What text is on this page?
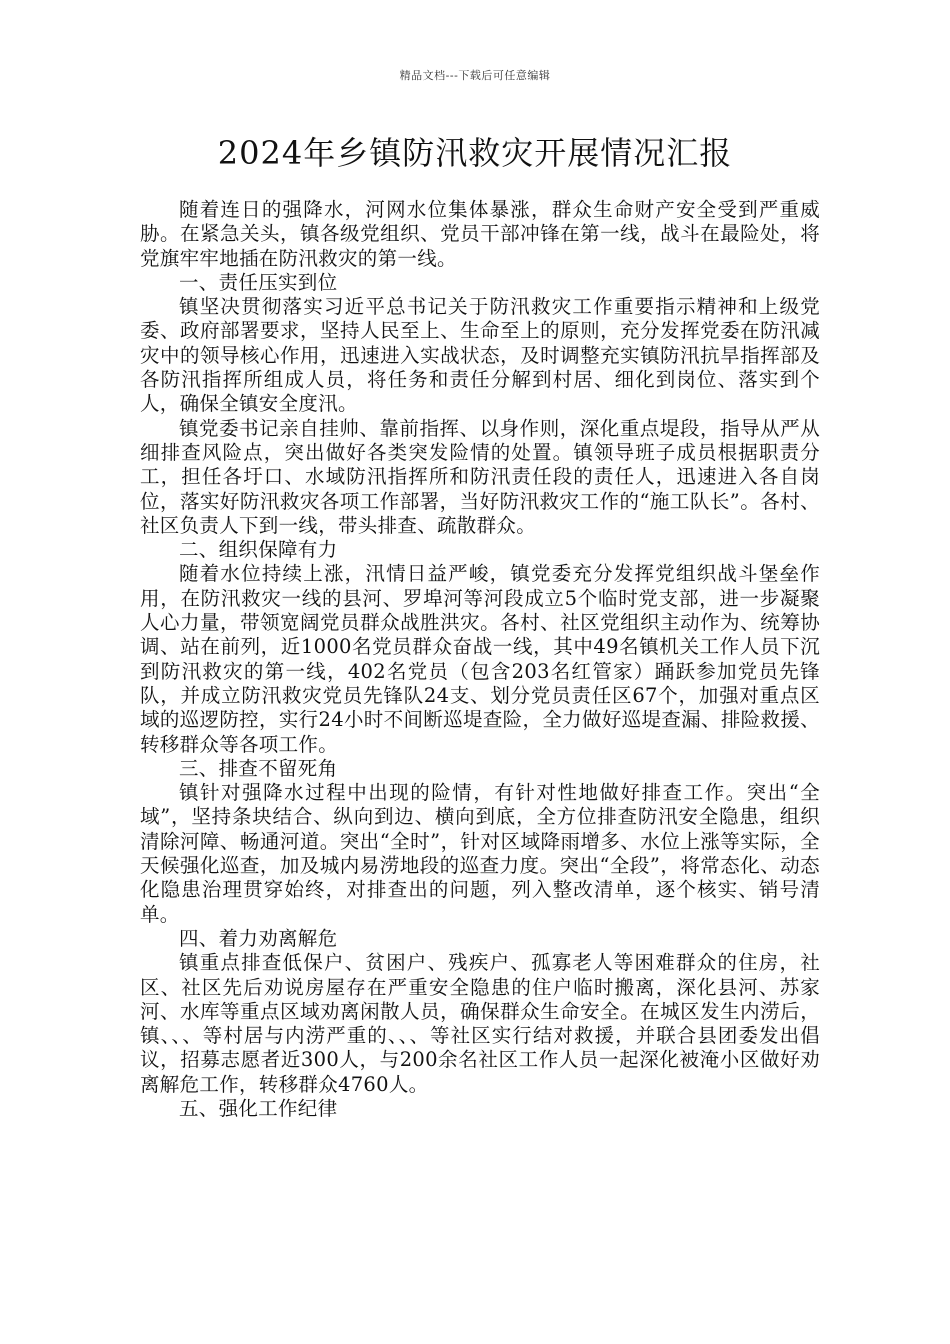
精品文档---下载后可任意编辑
2024年乡镇防汛救灾开展情况汇报

随着连日的强降水，河网水位集体暴涨，群众生命财产安全受到严重威胁。在紧急关头，镇各级党组织、党员干部冲锋在第一线，战斗在最险处，将党旗牢牢地插在防汛救灾的第一线。

一、责任压实到位

镇坚决贯彻落实习近平总书记关于防汛救灾工作重要指示精神和上级党委、政府部署要求，坚持人民至上、生命至上的原则，充分发挥党委在防汛减灾中的领导核心作用，迅速进入实战状态，及时调整充实镇防汛抗旱指挥部及各防汛指挥所组成人员，将任务和责任分解到村居、细化到岗位、落实到个人，确保全镇安全度汛。

镇党委书记亲自挂帅、靠前指挥、以身作则，深化重点堤段，指导从严从细排查风险点，突出做好各类突发险情的处置。镇领导班子成员根据职责分工，担任各圩口、水域防汛指挥所和防汛责任段的责任人，迅速进入各自岗位，落实好防汛救灾各项工作部署，当好防汛救灾工作的“施工队长”。各村、社区负责人下到一线，带头排查、疏散群众。

二、组织保障有力

随着水位持续上涨，汛情日益严峻，镇党委充分发挥党组织战斗堡垒作用，在防汛救灾一线的县河、罗埠河等河段成立5个临时党支部，进一步凝聚人心力量，带领宽阔党员群众战胜洪灾。各村、社区党组织主动作为、统筹协调、站在前列，近1000名党员群众奋战一线，其中49名镇机关工作人员下沉到防汛救灾的第一线，402名党员（包含203名红管家）踊跃参加党员先锋队，并成立防汛救灾党员先锋队24支、划分党员责任区67个，加强对重点区域的巡逻防控，实行24小时不间断巡堤查险，全力做好巡堤查漏、排险救援、转移群众等各项工作。

三、排查不留死角

镇针对强降水过程中出现的险情，有针对性地做好排查工作。突出“全域”，坚持条块结合、纵向到边、横向到底，全方位排查防汛安全隐患，组织清除河障、畅通河道。突出“全时”，针对区域降雨增多、水位上涨等实际，全天候强化巡查，加及城内易涝地段的巡查力度。突出“全段”，将常态化、动态化隐患治理贯穿始终，对排查出的问题，列入整改清单，逐个核实、销号清单。

四、着力劝离解危

镇重点排查低保户、贫困户、残疾户、孤寡老人等困难群众的住房，社区、社区先后劝说房屋存在严重安全隐患的住户临时搬离，深化县河、苏家河、水库等重点区域劝离闲散人员，确保群众生命安全。在城区发生内涝后，镇、、、等村居与内涝严重的、、、等社区实行结对救援，并联合县团委发出倡议，招募志愿者近300人，与200余名社区工作人员一起深化被淹小区做好劝离解危工作，转移群众4760人。

五、强化工作纪律
